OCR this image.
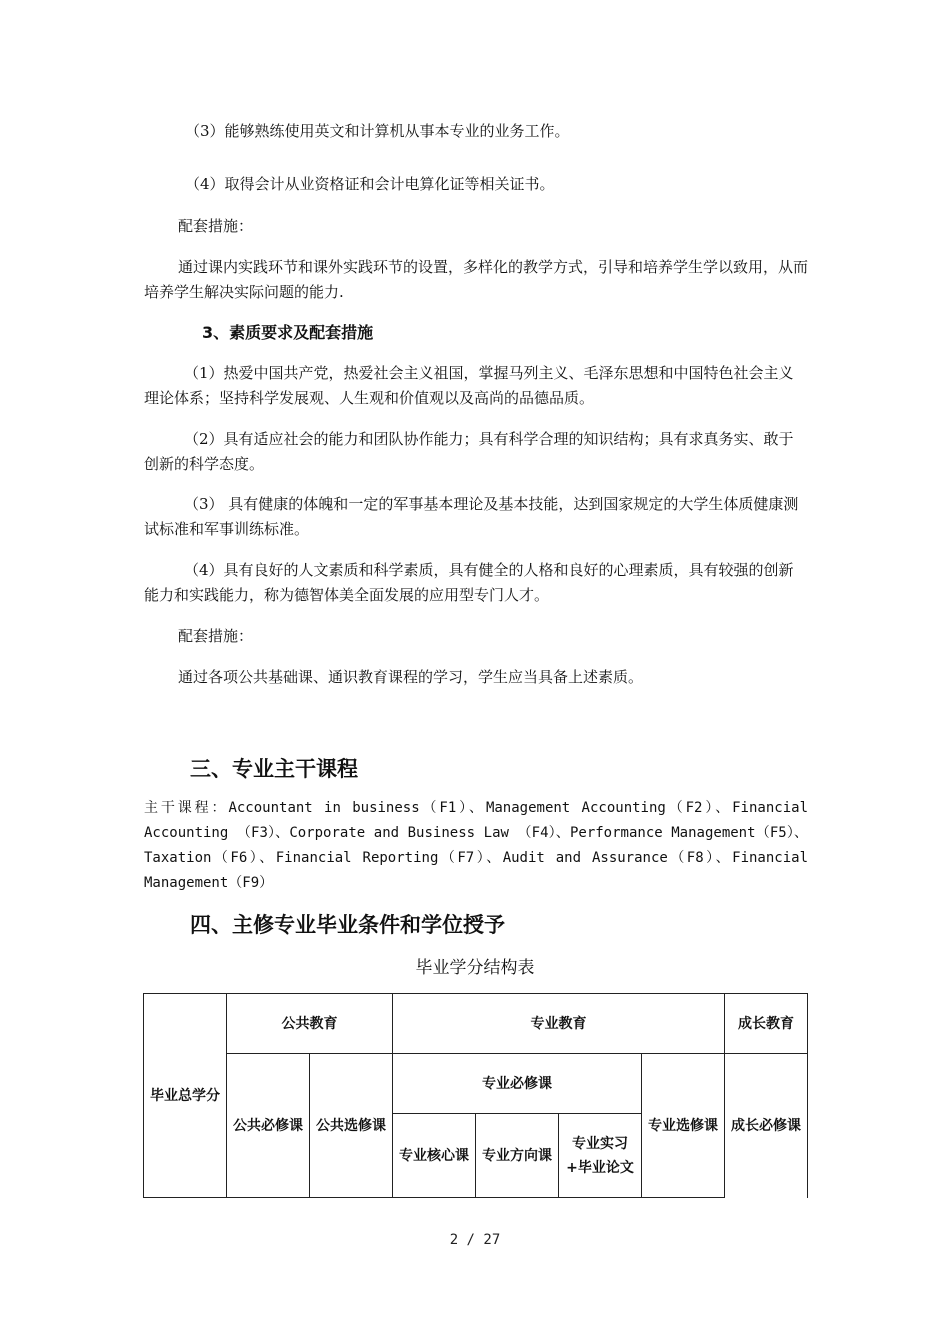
（3）能够熟练使用英文和计算机从事本专业的业务工作。

（4）取得会计从业资格证和会计电算化证等相关证书。

配套措施：

通过课内实践环节和课外实践环节的设置，多样化的教学方式，引导和培养学生学以致用，从而培养学生解决实际问题的能力.

3、素质要求及配套措施

（1）热爱中国共产党，热爱社会主义祖国，掌握马列主义、毛泽东思想和中国特色社会主义理论体系；坚持科学发展观、人生观和价值观以及高尚的品德品质。

（2）具有适应社会的能力和团队协作能力；具有科学合理的知识结构；具有求真务实、敢于创新的科学态度。

（3） 具有健康的体魄和一定的军事基本理论及基本技能，达到国家规定的大学生体质健康测试标准和军事训练标准。

（4）具有良好的人文素质和科学素质，具有健全的人格和良好的心理素质，具有较强的创新能力和实践能力，称为德智体美全面发展的应用型专门人才。

配套措施：

通过各项公共基础课、通识教育课程的学习，学生应当具备上述素质。

三、专业主干课程

主干课程：Accountant in business（F1）、Management Accounting（F2）、Financial Accounting （F3）、Corporate and Business Law （F4）、Performance Management（F5）、Taxation（F6）、Financial Reporting（F7）、Audit and Assurance（F8）、Financial Management（F9）

四、主修专业毕业条件和学位授予
毕业学分结构表
毕业总学分	公共教育		专业教育				成长教育
	公共必修课	公共选修课	专业必修课			专业选修课	成长必修课
			专业核心课	专业方向课	专业实习+毕业论文		
2 / 27
